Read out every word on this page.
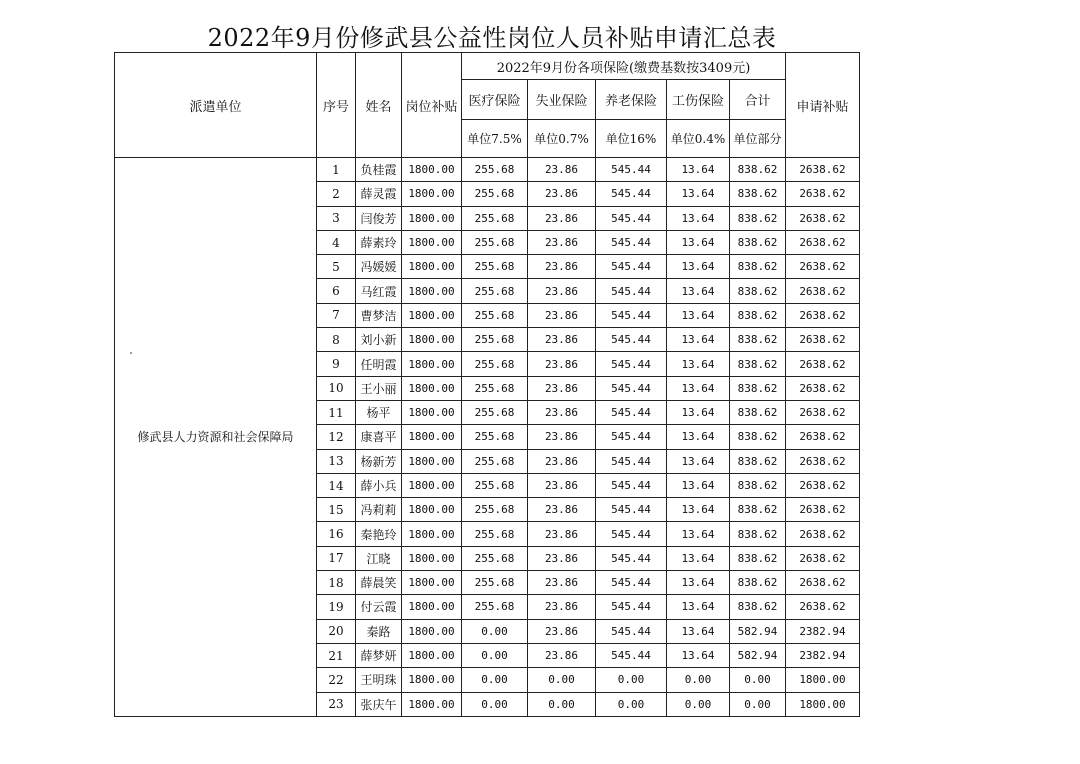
2022年9月份修武县公益性岗位人员补贴申请汇总表
派遣单位	序号	姓名	岗位补贴	2022年9月份各项保险(缴费基数按3409元)					申请补贴
				医疗保险	失业保险	养老保险	工伤保险	合计	
				单位7.5%	单位0.7%	单位16%	单位0.4%	单位部分	
修武县人力资源和社会保障局	1	负桂霞	1800.00	255.68	23.86	545.44	13.64	838.62	2638.62
	2	薛灵霞	1800.00	255.68	23.86	545.44	13.64	838.62	2638.62
	3	闫俊芳	1800.00	255.68	23.86	545.44	13.64	838.62	2638.62
	4	薛素玲	1800.00	255.68	23.86	545.44	13.64	838.62	2638.62
	5	冯媛媛	1800.00	255.68	23.86	545.44	13.64	838.62	2638.62
	6	马红霞	1800.00	255.68	23.86	545.44	13.64	838.62	2638.62
	7	曹梦洁	1800.00	255.68	23.86	545.44	13.64	838.62	2638.62
	8	刘小新	1800.00	255.68	23.86	545.44	13.64	838.62	2638.62
	9	任明霞	1800.00	255.68	23.86	545.44	13.64	838.62	2638.62
	10	王小丽	1800.00	255.68	23.86	545.44	13.64	838.62	2638.62
	11	杨平	1800.00	255.68	23.86	545.44	13.64	838.62	2638.62
	12	康喜平	1800.00	255.68	23.86	545.44	13.64	838.62	2638.62
	13	杨新芳	1800.00	255.68	23.86	545.44	13.64	838.62	2638.62
	14	薛小兵	1800.00	255.68	23.86	545.44	13.64	838.62	2638.62
	15	冯莉莉	1800.00	255.68	23.86	545.44	13.64	838.62	2638.62
	16	秦艳玲	1800.00	255.68	23.86	545.44	13.64	838.62	2638.62
	17	江晓	1800.00	255.68	23.86	545.44	13.64	838.62	2638.62
	18	薛晨笑	1800.00	255.68	23.86	545.44	13.64	838.62	2638.62
	19	付云霞	1800.00	255.68	23.86	545.44	13.64	838.62	2638.62
	20	秦路	1800.00	0.00	23.86	545.44	13.64	582.94	2382.94
	21	薛梦妍	1800.00	0.00	23.86	545.44	13.64	582.94	2382.94
	22	王明珠	1800.00	0.00	0.00	0.00	0.00	0.00	1800.00
	23	张庆午	1800.00	0.00	0.00	0.00	0.00	0.00	1800.00
